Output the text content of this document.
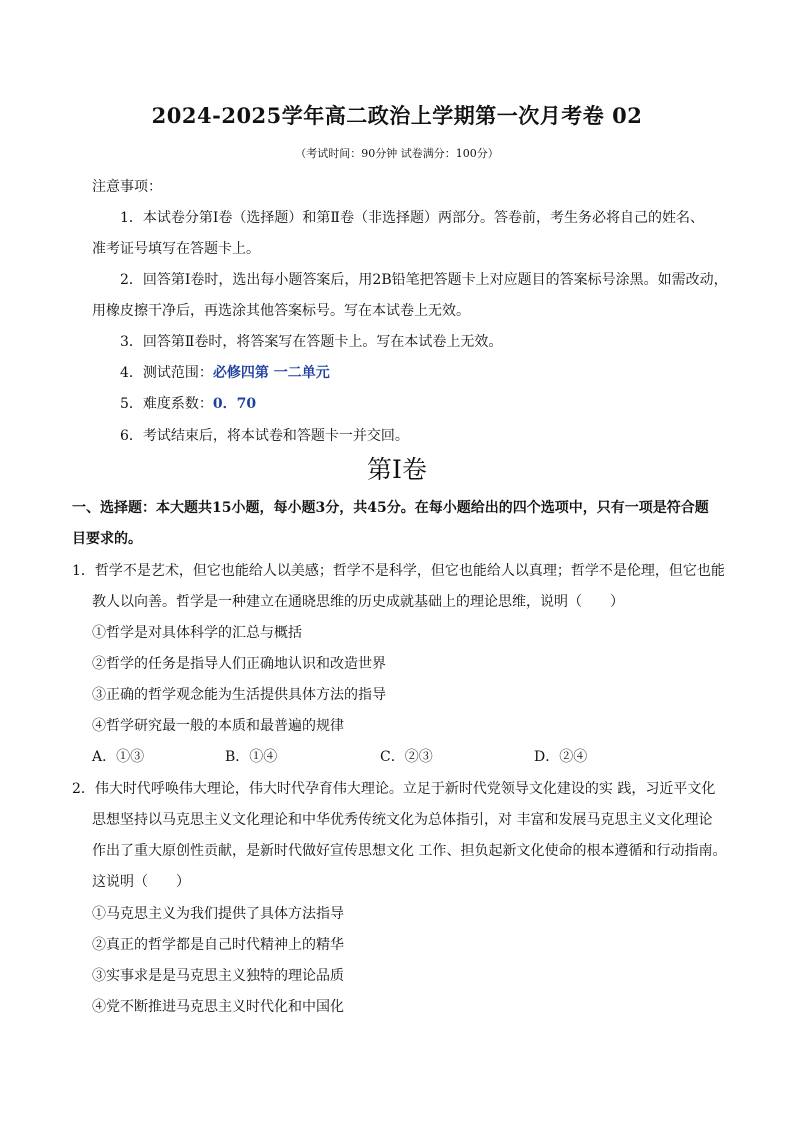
2024-2025学年高二政治上学期第一次月考卷 02
（考试时间：90分钟 试卷满分：100分）
注意事项：
1．本试卷分第Ⅰ卷（选择题）和第Ⅱ卷（非选择题）两部分。答卷前，考生务必将自己的姓名、
准考证号填写在答题卡上。
2．回答第Ⅰ卷时，选出每小题答案后，用2B铅笔把答题卡上对应题目的答案标号涂黑。如需改动，
用橡皮擦干净后，再选涂其他答案标号。写在本试卷上无效。
3．回答第Ⅱ卷时，将答案写在答题卡上。写在本试卷上无效。
4．测试范围：必修四第 一二单元
5．难度系数：0．70
6．考试结束后，将本试卷和答题卡一并交回。
第Ⅰ卷
一、选择题：本大题共15小题，每小题3分，共45分。在每小题给出的四个选项中，只有一项是符合题
目要求的。
1．哲学不是艺术，但它也能给人以美感；哲学不是科学，但它也能给人以真理；哲学不是伦理，但它也能
教人以向善。哲学是一种建立在通晓思维的历史成就基础上的理论思维，说明（　　）
①哲学是对具体科学的汇总与概括
②哲学的任务是指导人们正确地认识和改造世界
③正确的哲学观念能为生活提供具体方法的指导
④哲学研究最一般的本质和最普遍的规律
A．①③	B．①④	C．②③	D．②④
2．伟大时代呼唤伟大理论，伟大时代孕育伟大理论。立足于新时代党领导文化建设的实 践，习近平文化
思想坚持以马克思主义文化理论和中华优秀传统文化为总体指引，对 丰富和发展马克思主义文化理论
作出了重大原创性贡献，是新时代做好宣传思想文化 工作、担负起新文化使命的根本遵循和行动指南。
这说明（　　）
①马克思主义为我们提供了具体方法指导
②真正的哲学都是自己时代精神上的精华
③实事求是是马克思主义独特的理论品质
④党不断推进马克思主义时代化和中国化
